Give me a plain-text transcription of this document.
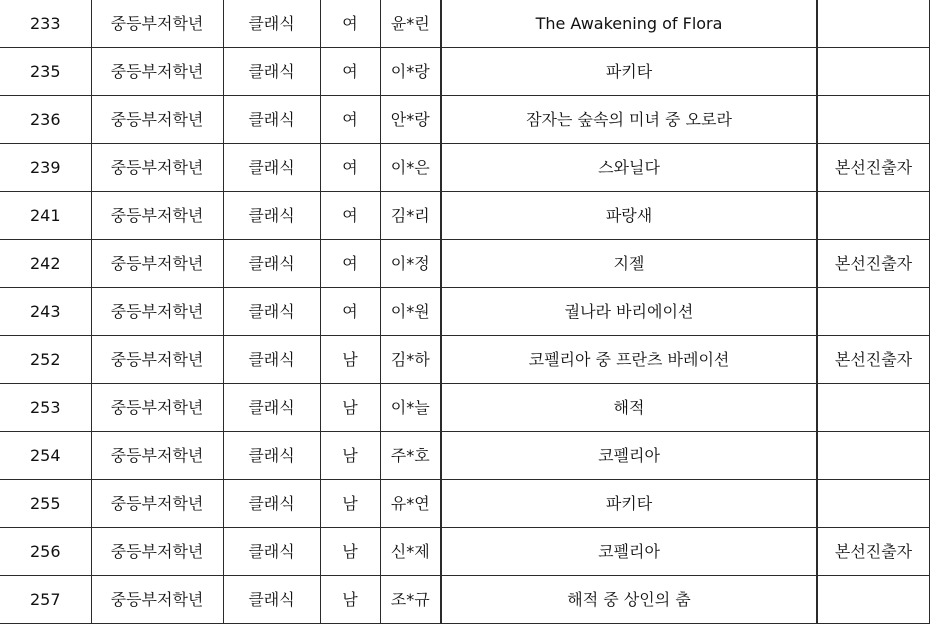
233	중등부저학년	클래식	여	윤*린	The Awakening of Flora	
235	중등부저학년	클래식	여	이*랑	파키타	
236	중등부저학년	클래식	여	안*랑	잠자는 숲속의 미녀 중 오로라	
239	중등부저학년	클래식	여	이*은	스와닐다	본선진출자
241	중등부저학년	클래식	여	김*리	파랑새	
242	중등부저학년	클래식	여	이*정	지젤	본선진출자
243	중등부저학년	클래식	여	이*원	궐나라 바리에이션	
252	중등부저학년	클래식	남	김*하	코펠리아 중 프란츠 바레이션	본선진출자
253	중등부저학년	클래식	남	이*늘	해적	
254	중등부저학년	클래식	남	주*호	코펠리아	
255	중등부저학년	클래식	남	유*연	파키타	
256	중등부저학년	클래식	남	신*제	코펠리아	본선진출자
257	중등부저학년	클래식	남	조*규	해적 중 상인의 춤	
